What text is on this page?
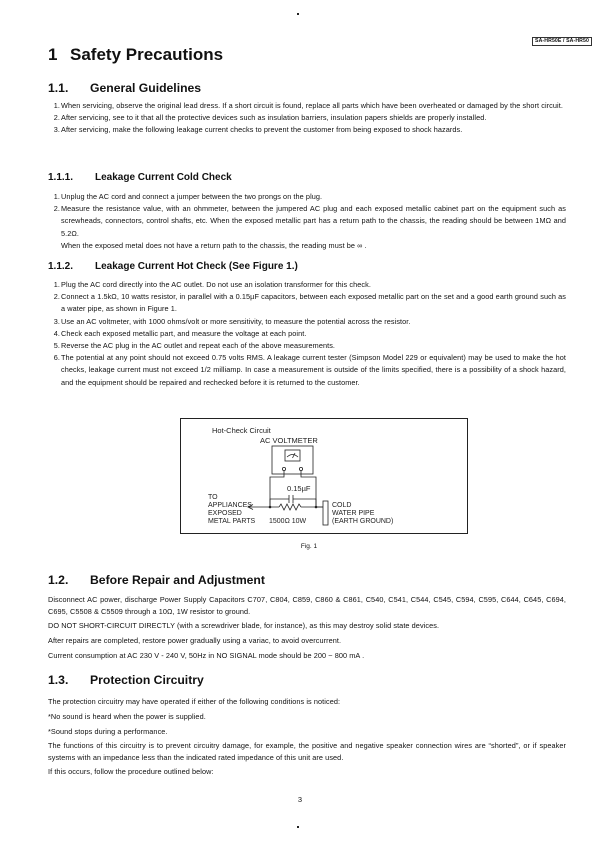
SA-HR50E / SA-HR50
1 Safety Precautions
1.1. General Guidelines
1. When servicing, observe the original lead dress. If a short circuit is found, replace all parts which have been overheated or damaged by the short circuit.
2. After servicing, see to it that all the protective devices such as insulation barriers, insulation papers shields are properly installed.
3. After servicing, make the following leakage current checks to prevent the customer from being exposed to shock hazards.
1.1.1. Leakage Current Cold Check
1. Unplug the AC cord and connect a jumper between the two prongs on the plug.
2. Measure the resistance value, with an ohmmeter, between the jumpered AC plug and each exposed metallic cabinet part on the equipment such as screwheads, connectors, control shafts, etc. When the exposed metallic part has a return path to the chassis, the reading should be between 1MΩ and 5.2Ω.
When the exposed metal does not have a return path to the chassis, the reading must be ∞ .
1.1.2. Leakage Current Hot Check (See Figure 1.)
1. Plug the AC cord directly into the AC outlet. Do not use an isolation transformer for this check.
2. Connect a 1.5kΩ, 10 watts resistor, in parallel with a 0.15µF capacitors, between each exposed metallic part on the set and a good earth ground such as a water pipe, as shown in Figure 1.
3. Use an AC voltmeter, with 1000 ohms/volt or more sensitivity, to measure the potential across the resistor.
4. Check each exposed metallic part, and measure the voltage at each point.
5. Reverse the AC plug in the AC outlet and repeat each of the above measurements.
6. The potential at any point should not exceed 0.75 volts RMS. A leakage current tester (Simpson Model 229 or equivalent) may be used to make the hot checks, leakage current must not exceed 1/2 milliamp. In case a measurement is outside of the limits specified, there is a possibility of a shock hazard, and the equipment should be repaired and rechecked before it is returned to the customer.
Hot-Check Circuit
AC VOLTMETER
0.15µF
TO
APPLIANCES
EXPOSED
METAL PARTS 1500Ω 10W
COLD
WATER PIPE
(EARTH GROUND)
Fig. 1
1.2. Before Repair and Adjustment

Disconnect AC power, discharge Power Supply Capacitors C707, C804, C859, C860 & C861, C540, C541, C544, C545, C594, C595, C644, C645, C694, C695, C5508 & C5509 through a 10Ω, 1W resistor to ground.

DO NOT SHORT-CIRCUIT DIRECTLY (with a screwdriver blade, for instance), as this may destroy solid state devices.

After repairs are completed, restore power gradually using a variac, to avoid overcurrent.

Current consumption at AC 230 V - 240 V, 50Hz in NO SIGNAL mode should be 200 ~ 800 mA .

1.3. Protection Circuitry

The protection circuitry may have operated if either of the following conditions is noticed:

*No sound is heard when the power is supplied.

*Sound stops during a performance.

The functions of this circuitry is to prevent circuitry damage, for example, the positive and negative speaker connection wires are “shorted”, or if speaker systems with an impedance less than the indicated rated impedance of this unit are used.

If this occurs, follow the procedure outlined below:

3
